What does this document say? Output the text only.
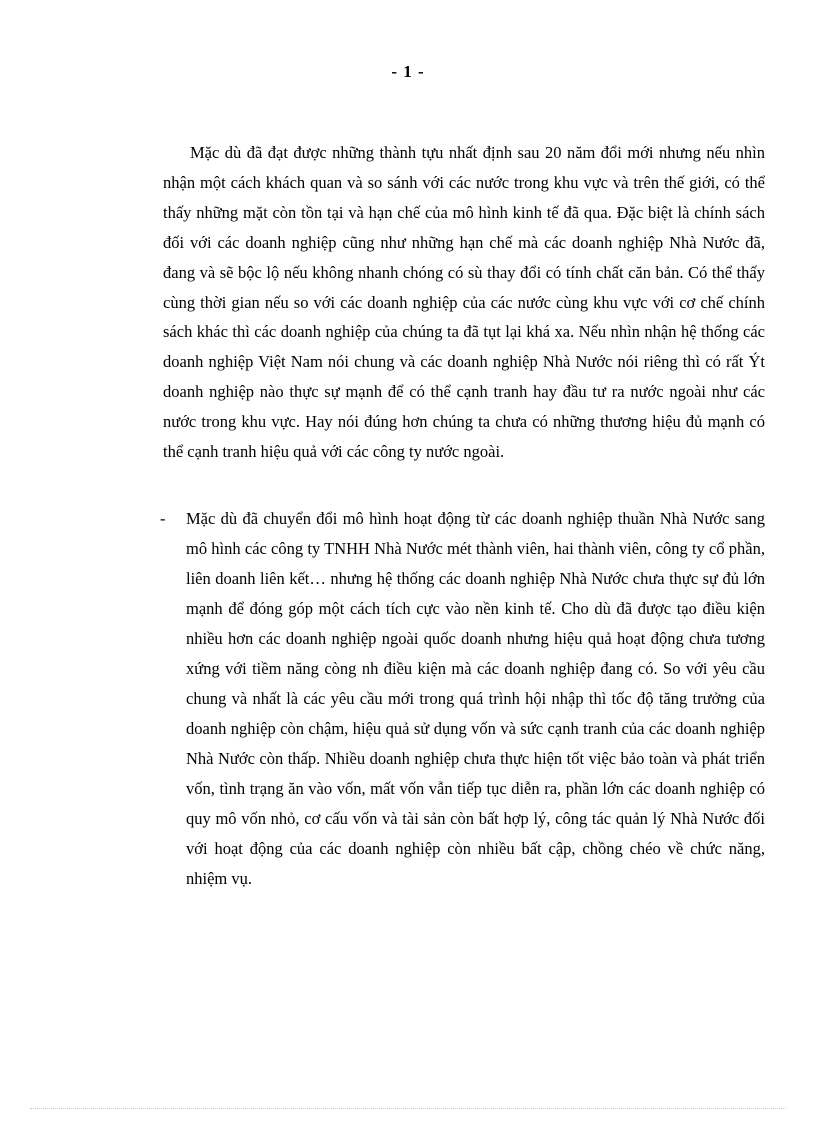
- 1 -

Mặc dù đã đạt được những thành tựu nhất định sau 20 năm đổi mới nhưng nếu nhìn nhận một cách khách quan và so sánh với các nước trong khu vực và trên thế giới, có thể thấy những mặt còn tồn tại và hạn chế của mô hình kinh tế đã qua. Đặc biệt là chính sách đối với các doanh nghiệp cũng như những hạn chế mà các doanh nghiệp Nhà Nước đã, đang và sẽ bộc lộ nếu không nhanh chóng có sù thay đổi có tính chất căn bản. Có thể thấy cùng thời gian nếu so với các doanh nghiệp của các nước cùng khu vực với cơ chế chính sách khác thì các doanh nghiệp của chúng ta đã tụt lại khá xa. Nếu nhìn nhận hệ thống các doanh nghiệp Việt Nam nói chung và các doanh nghiệp Nhà Nước nói riêng thì có rất Ýt doanh nghiệp nào thực sự mạnh để có thể cạnh tranh hay đầu tư ra nước ngoài như các nước trong khu vực. Hay nói đúng hơn chúng ta chưa có những thương hiệu đủ mạnh có thể cạnh tranh hiệu quả với các công ty nước ngoài.

-	Mặc dù đã chuyển đổi mô hình hoạt động từ các doanh nghiệp thuần Nhà Nước sang mô hình các công ty TNHH Nhà Nước mét thành viên, hai thành viên, công ty cổ phần, liên doanh liên kết… nhưng hệ thống các doanh nghiệp Nhà Nước chưa thực sự đủ lớn mạnh để đóng góp một cách tích cực vào nền kinh tế. Cho dù đã được tạo điều kiện nhiều hơn các doanh nghiệp ngoài quốc doanh nhưng hiệu quả hoạt động chưa tương xứng với tiềm năng còng nh điều kiện mà các doanh nghiệp đang có. So với yêu cầu chung và nhất là các yêu cầu mới trong quá trình hội nhập thì tốc độ tăng trưởng của doanh nghiệp còn chậm, hiệu quả sử dụng vốn và sức cạnh tranh của các doanh nghiệp Nhà Nước còn thấp. Nhiều doanh nghiệp chưa thực hiện tốt việc bảo toàn và phát triển vốn, tình trạng ăn vào vốn, mất vốn vẫn tiếp tục diễn ra, phần lớn các doanh nghiệp có quy mô vốn nhỏ, cơ cấu vốn và tài sản còn bất hợp lý, công tác quản lý Nhà Nước đối với hoạt động của các doanh nghiệp còn nhiều bất cập, chồng chéo về chức năng, nhiệm vụ.
